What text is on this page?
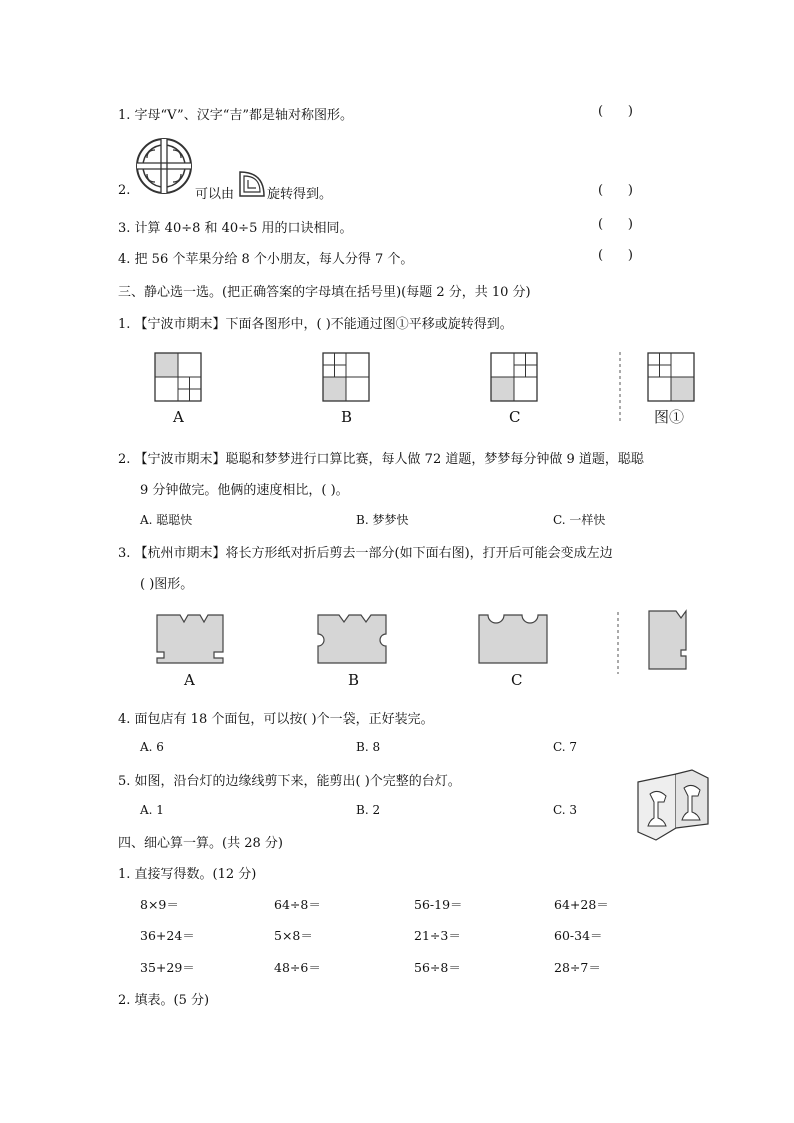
1. 字母“V”、汉字“吉”都是轴对称图形。	(      )
2.	可以由	旋转得到。	(      )
3. 计算 40÷8 和 40÷5 用的口诀相同。	(      )
4. 把 56 个苹果分给 8 个小朋友，每人分得 7 个。	(      )
三、静心选一选。(把正确答案的字母填在括号里)(每题 2 分，共 10 分)
1. 【宁波市期末】下面各图形中，( )不能通过图①平移或旋转得到。
A	B	C	图①
2. 【宁波市期末】聪聪和梦梦进行口算比赛，每人做 72 道题，梦梦每分钟做 9 道题，聪聪
9 分钟做完。他俩的速度相比，( )。
A. 聪聪快	B. 梦梦快	C. 一样快
3. 【杭州市期末】将长方形纸对折后剪去一部分(如下面右图)，打开后可能会变成左边
( )图形。
A	B	C
4. 面包店有 18 个面包，可以按( )个一袋，正好装完。
A. 6	B. 8	C. 7
5. 如图，沿台灯的边缘线剪下来，能剪出( )个完整的台灯。
A. 1	B. 2	C. 3
四、细心算一算。(共 28 分)
1. 直接写得数。(12 分)
8×9＝	64÷8＝	56-19＝	64+28＝
36+24＝	5×8＝	21÷3＝	60-34＝
35+29＝	48÷6＝	56÷8＝	28÷7＝
2. 填表。(5 分)
